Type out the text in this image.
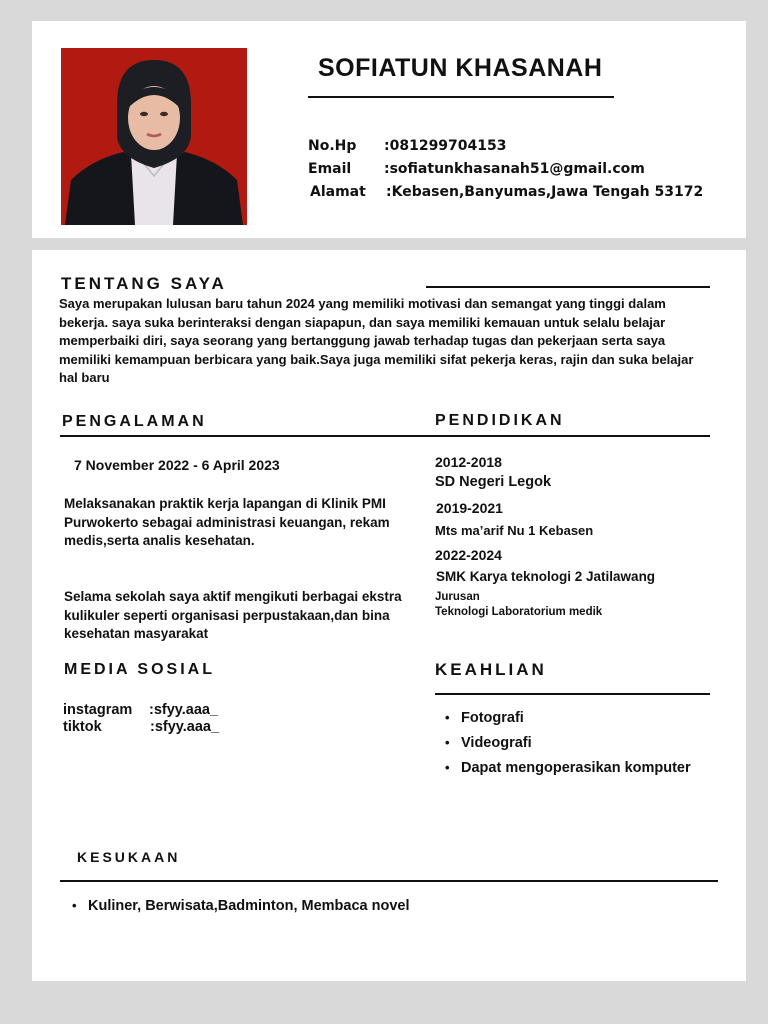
SOFIATUN KHASANAH
No.Hp :081299704153
Email :sofiatunkhasanah51@gmail.com
Alamat :Kebasen,Banyumas,Jawa Tengah 53172
TENTANG SAYA
Saya merupakan lulusan baru tahun 2024 yang memiliki motivasi dan semangat yang tinggi dalam bekerja. saya suka berinteraksi dengan siapapun, dan saya memiliki kemauan untuk selalu belajar memperbaiki diri, saya seorang yang bertanggung jawab terhadap tugas dan pekerjaan serta saya memiliki kemampuan berbicara yang baik.Saya juga memiliki sifat pekerja keras, rajin dan suka belajar hal baru
PENGALAMAN
7 November 2022 - 6 April 2023
Melaksanakan praktik kerja lapangan di Klinik PMI Purwokerto sebagai administrasi keuangan, rekam medis,serta analis kesehatan.
Selama sekolah saya aktif mengikuti berbagai ekstra kulikuler seperti organisasi perpustakaan,dan bina kesehatan masyarakat
PENDIDIKAN
2012-2018
SD Negeri Legok
2019-2021
Mts ma’arif Nu 1 Kebasen
2022-2024
SMK Karya teknologi 2 Jatilawang
Jurusan
Teknologi Laboratorium medik
MEDIA SOSIAL
instagram :sfyy.aaa_
tiktok	:sfyy.aaa_
KEAHLIAN
• Fotografi
• Videografi
• Dapat mengoperasikan komputer
KESUKAAN
• Kuliner, Berwisata,Badminton, Membaca novel
